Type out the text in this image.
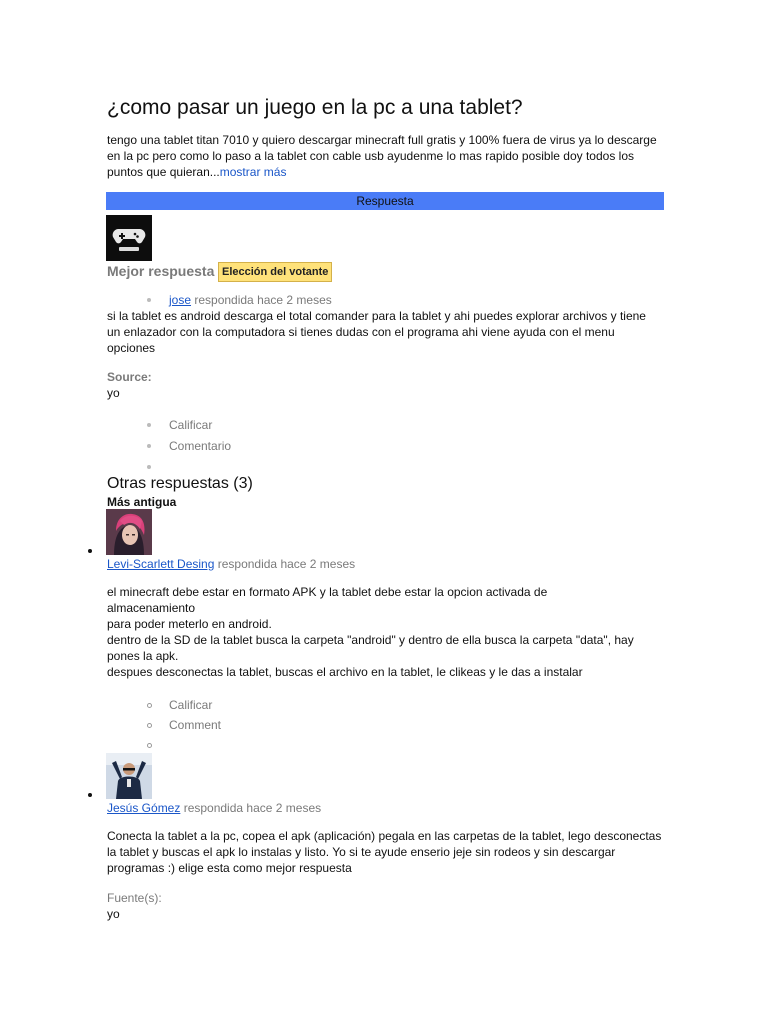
¿como pasar un juego en la pc a una tablet?
tengo una tablet titan 7010 y quiero descargar minecraft full gratis y 100% fuera de virus ya lo descarge en la pc pero como lo paso a la tablet con cable usb ayudenme lo mas rapido posible doy todos los puntos que quieran...mostrar más
Respuesta
Mejor respuesta Elección del votante
jose respondida hace 2 meses
si la tablet es android descarga el total comander para la tablet y ahi puedes explorar archivos y tiene un enlazador con la computadora si tienes dudas con el programa ahi viene ayuda con el menu opciones
Source:
yo
Calificar
Comentario
Otras respuestas (3)
Más antigua
Levi-Scarlett Desing respondida hace 2 meses
el minecraft debe estar en formato APK y la tablet debe estar la opcion activada de
almacenamiento
para poder meterlo en android.
dentro de la SD de la tablet busca la carpeta "android" y dentro de ella busca la carpeta "data", hay
pones la apk.
despues desconectas la tablet, buscas el archivo en la tablet, le clikeas y le das a instalar
Calificar
Comment
Jesús Gómez respondida hace 2 meses
Conecta la tablet a la pc, copea el apk (aplicación) pegala en las carpetas de la tablet, lego desconectas la tablet y buscas el apk lo instalas y listo. Yo si te ayude enserio jeje sin rodeos y sin descargar programas :) elige esta como mejor respuesta
Fuente(s):
yo
